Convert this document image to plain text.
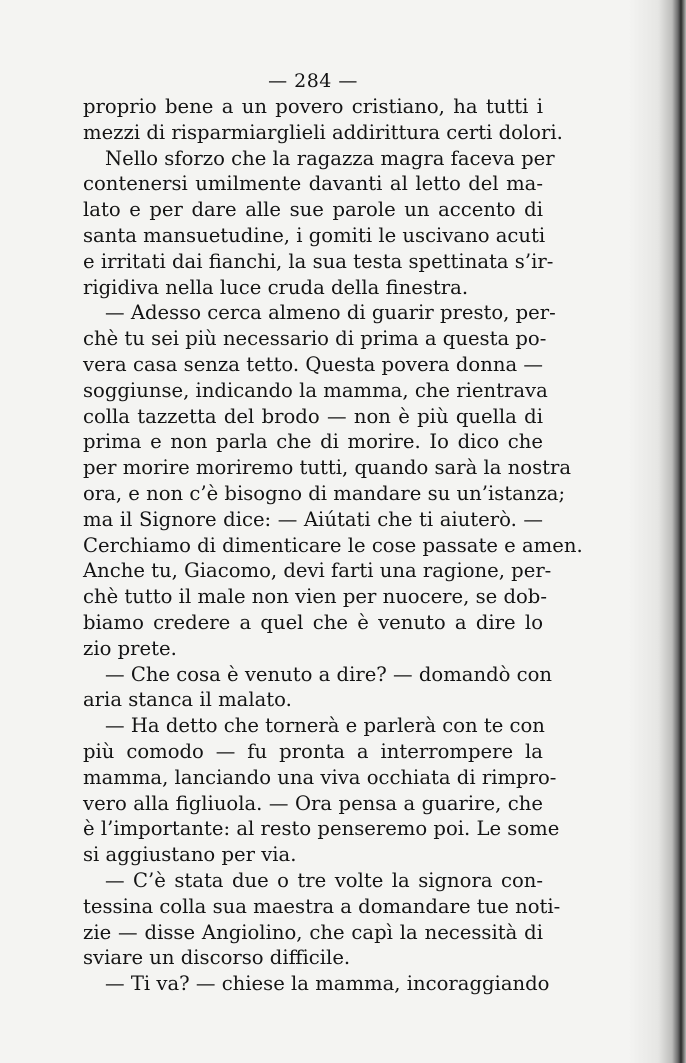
— 284 —
proprio bene a un povero cristiano, ha tutti i
mezzi di risparmiarglieli addirittura certi dolori.
Nello sforzo che la ragazza magra faceva per
contenersi umilmente davanti al letto del ma-
lato e per dare alle sue parole un accento di
santa mansuetudine, i gomiti le uscivano acuti
e irritati dai fianchi, la sua testa spettinata s’ir-
rigidiva nella luce cruda della finestra.
— Adesso cerca almeno di guarir presto, per-
chè tu sei più necessario di prima a questa po-
vera casa senza tetto. Questa povera donna —
soggiunse, indicando la mamma, che rientrava
colla tazzetta del brodo — non è più quella di
prima e non parla che di morire. Io dico che
per morire moriremo tutti, quando sarà la nostra
ora, e non c’è bisogno di mandare su un’istanza;
ma il Signore dice: — Aiútati che ti aiuterò. —
Cerchiamo di dimenticare le cose passate e amen.
Anche tu, Giacomo, devi farti una ragione, per-
chè tutto il male non vien per nuocere, se dob-
biamo credere a quel che è venuto a dire lo
zio prete.
— Che cosa è venuto a dire? — domandò con
aria stanca il malato.
— Ha detto che tornerà e parlerà con te con
più comodo — fu pronta a interrompere la
mamma, lanciando una viva occhiata di rimpro-
vero alla figliuola. — Ora pensa a guarire, che
è l’importante: al resto penseremo poi. Le some
si aggiustano per via.
— C’è stata due o tre volte la signora con-
tessina colla sua maestra a domandare tue noti-
zie — disse Angiolino, che capì la necessità di
sviare un discorso difficile.
— Ti va? — chiese la mamma, incoraggiando
